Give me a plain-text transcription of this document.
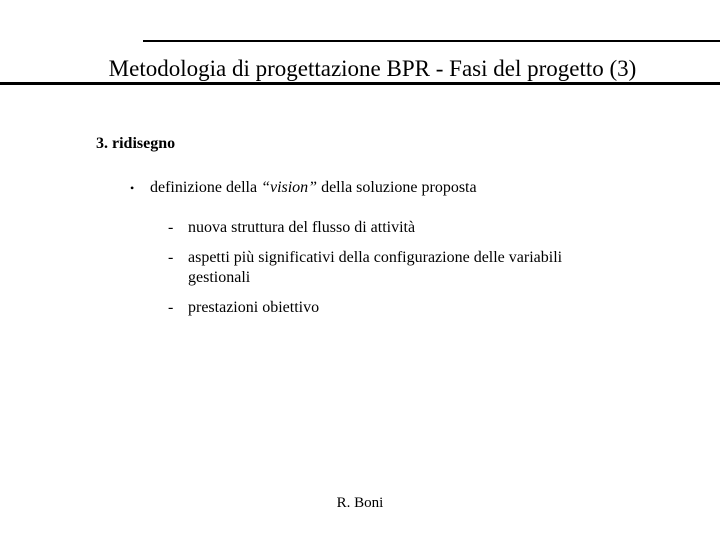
Metodologia di progettazione BPR - Fasi del progetto (3)
3. ridisegno
• definizione della “vision” della soluzione proposta
- nuova struttura del flusso di attività
- aspetti più significativi della configurazione delle variabili gestionali
- prestazioni obiettivo
R. Boni
